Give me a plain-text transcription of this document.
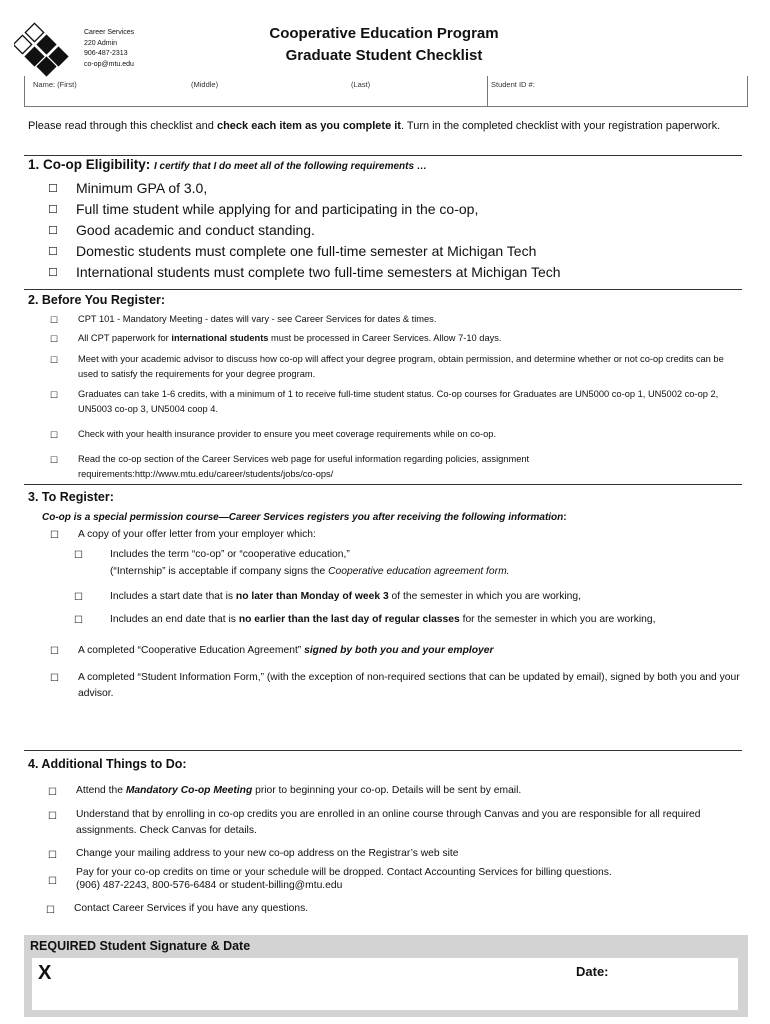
Career Services
220 Admin
906-487-2313
co-op@mtu.edu
Cooperative Education Program
Graduate Student Checklist
Name: (First)	(Middle)	(Last)	Student ID #:
Please read through this checklist and check each item as you complete it. Turn in the completed checklist with your registration paperwork.
1. Co-op Eligibility: I certify that I do meet all of the following requirements …
☐ Minimum GPA of 3.0,
☐ Full time student while applying for and participating in the co-op,
☐ Good academic and conduct standing.
☐ Domestic students must complete one full-time semester at Michigan Tech
☐ International students must complete two full-time semesters at Michigan Tech
2. Before You Register:
☐ CPT 101 - Mandatory Meeting - dates will vary - see Career Services for dates & times.
☐ All CPT paperwork for international students must be processed in Career Services. Allow 7-10 days.
☐ Meet with your academic advisor to discuss how co-op will affect your degree program, obtain permission, and determine whether or not co-op credits can be used to satisfy the requirements for your degree program.
☐ Graduates can take 1-6 credits, with a minimum of 1 to receive full-time student status. Co-op courses for Graduates are UN5000 co-op 1, UN5002 co-op 2, UN5003 co-op 3, UN5004 coop 4.
☐ Check with your health insurance provider to ensure you meet coverage requirements while on co-op.
☐ Read the co-op section of the Career Services web page for useful information regarding policies, assignment requirements:http://www.mtu.edu/career/students/jobs/co-ops/
3. To Register:
Co-op is a special permission course—Career Services registers you after receiving the following information:
☐ A copy of your offer letter from your employer which:
☐	Includes the term “co-op” or “cooperative education,”
(“Internship” is acceptable if company signs the Cooperative education agreement form.
☐	Includes a start date that is no later than Monday of week 3 of the semester in which you are working,
☐	Includes an end date that is no earlier than the last day of regular classes for the semester in which you are working,
☐ A completed “Cooperative Education Agreement” signed by both you and your employer
☐ A completed “Student Information Form,” (with the exception of non-required sections that can be updated by email), signed by both you and your advisor.
4. Additional Things to Do:
☐ Attend the Mandatory Co-op Meeting prior to beginning your co-op. Details will be sent by email.
☐ Understand that by enrolling in co-op credits you are enrolled in an online course through Canvas and you are responsible for all required assignments. Check Canvas for details.
☐ Change your mailing address to your new co-op address on the Registrar’s web site
☐
Pay for your co-op credits on time or your schedule will be dropped. Contact Accounting Services for billing questions.
(906) 487-2243, 800-576-6484 or student-billing@mtu.edu
☐ Contact Career Services if you have any questions.
REQUIRED Student Signature & Date
X	Date:
